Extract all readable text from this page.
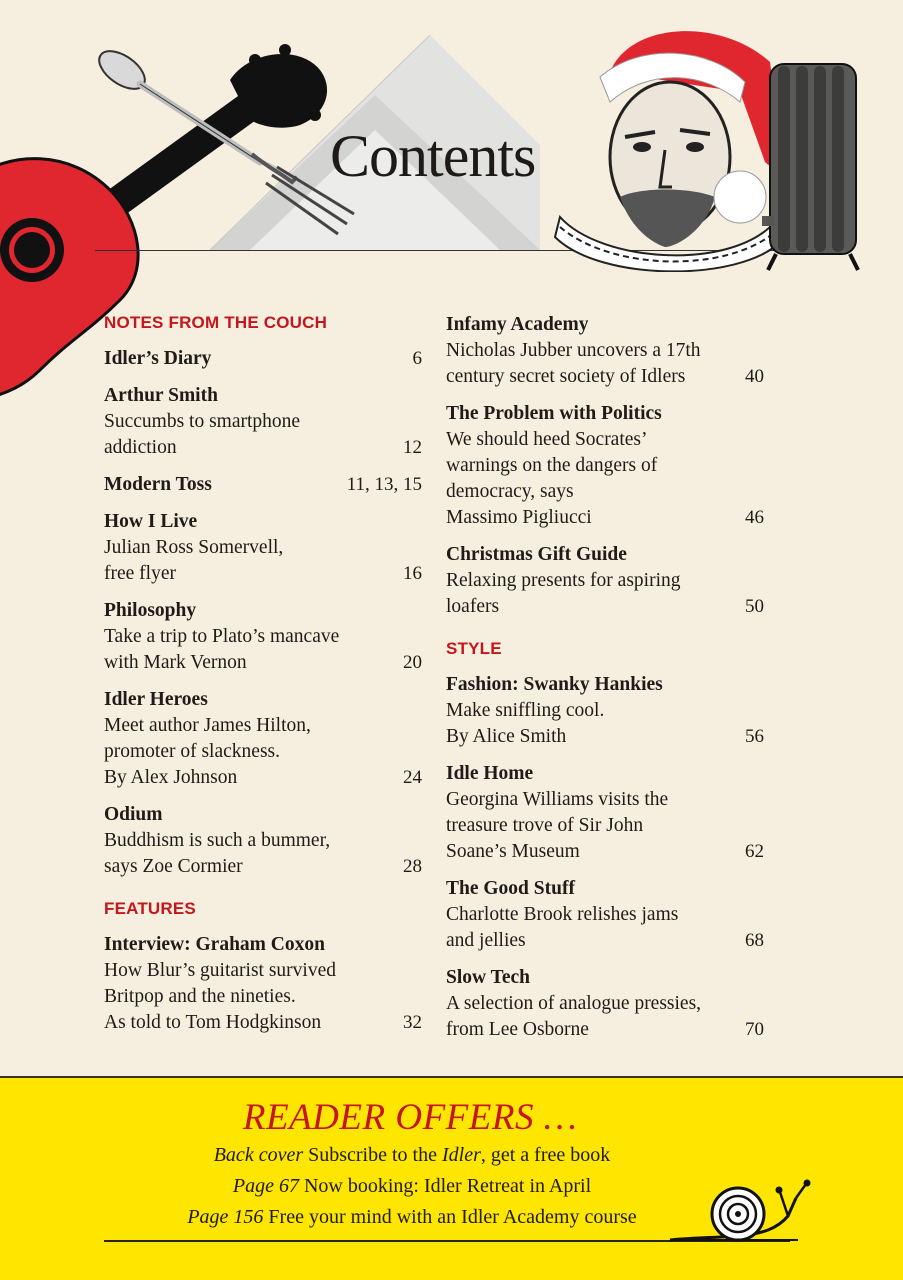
Contents
NOTES FROM THE COUCH
Idler’s Diary	6
Arthur Smith
Succumbs to smartphone
addiction	12
Modern Toss	11, 13, 15
How I Live
Julian Ross Somervell,
free flyer	16
Philosophy
Take a trip to Plato’s mancave
with Mark Vernon	20
Idler Heroes
Meet author James Hilton,
promoter of slackness.
By Alex Johnson	24
Odium
Buddhism is such a bummer,
says Zoe Cormier	28
FEATURES
Interview: Graham Coxon
How Blur’s guitarist survived
Britpop and the nineties.
As told to Tom Hodgkinson	32
Infamy Academy
Nicholas Jubber uncovers a 17th
century secret society of Idlers	40
The Problem with Politics
We should heed Socrates’
warnings on the dangers of
democracy, says
Massimo Pigliucci	46
Christmas Gift Guide
Relaxing presents for aspiring
loafers	50
STYLE
Fashion: Swanky Hankies
Make sniffling cool.
By Alice Smith	56
Idle Home
Georgina Williams visits the
treasure trove of Sir John
Soane’s Museum	62
The Good Stuff
Charlotte Brook relishes jams
and jellies	68
Slow Tech
A selection of analogue pressies,
from Lee Osborne	70
READER OFFERS …
Back cover Subscribe to the Idler, get a free book
Page 67 Now booking: Idler Retreat in April
Page 156 Free your mind with an Idler Academy course
